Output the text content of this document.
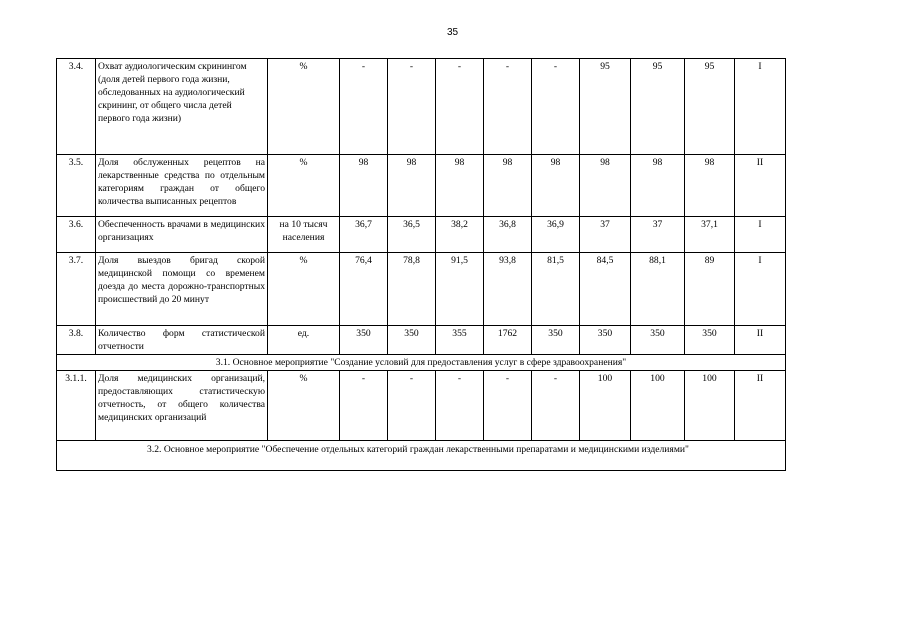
35
3.4.	Охват аудиологическим скринингом (доля детей первого года жизни, обследованных на аудиологический скрининг, от общего числа детей первого года жизни)	%	-	-	-	-	-	95	95	95	I
3.5.	Доля обслуженных рецептов на лекарственные средства по отдельным категориям граждан от общего количества выписанных рецептов	%	98	98	98	98	98	98	98	98	II
3.6.	Обеспеченность врачами в медицинских организациях	на 10 тысяч населения	36,7	36,5	38,2	36,8	36,9	37	37	37,1	I
3.7.	Доля выездов бригад скорой медицинской помощи со временем доезда до места дорожно-транспортных происшествий до 20 минут	%	76,4	78,8	91,5	93,8	81,5	84,5	88,1	89	I
3.8.	Количество форм статистической отчетности	ед.	350	350	355	1762	350	350	350	350	II
3.1. Основное мероприятие "Создание условий для предоставления услуг в сфере здравоохранения"											
3.1.1.	Доля медицинских организаций, предоставляющих статистическую отчетность, от общего количества медицинских организаций	%	-	-	-	-	-	100	100	100	II
3.2. Основное мероприятие "Обеспечение отдельных категорий граждан лекарственными препаратами и медицинскими изделиями"											
